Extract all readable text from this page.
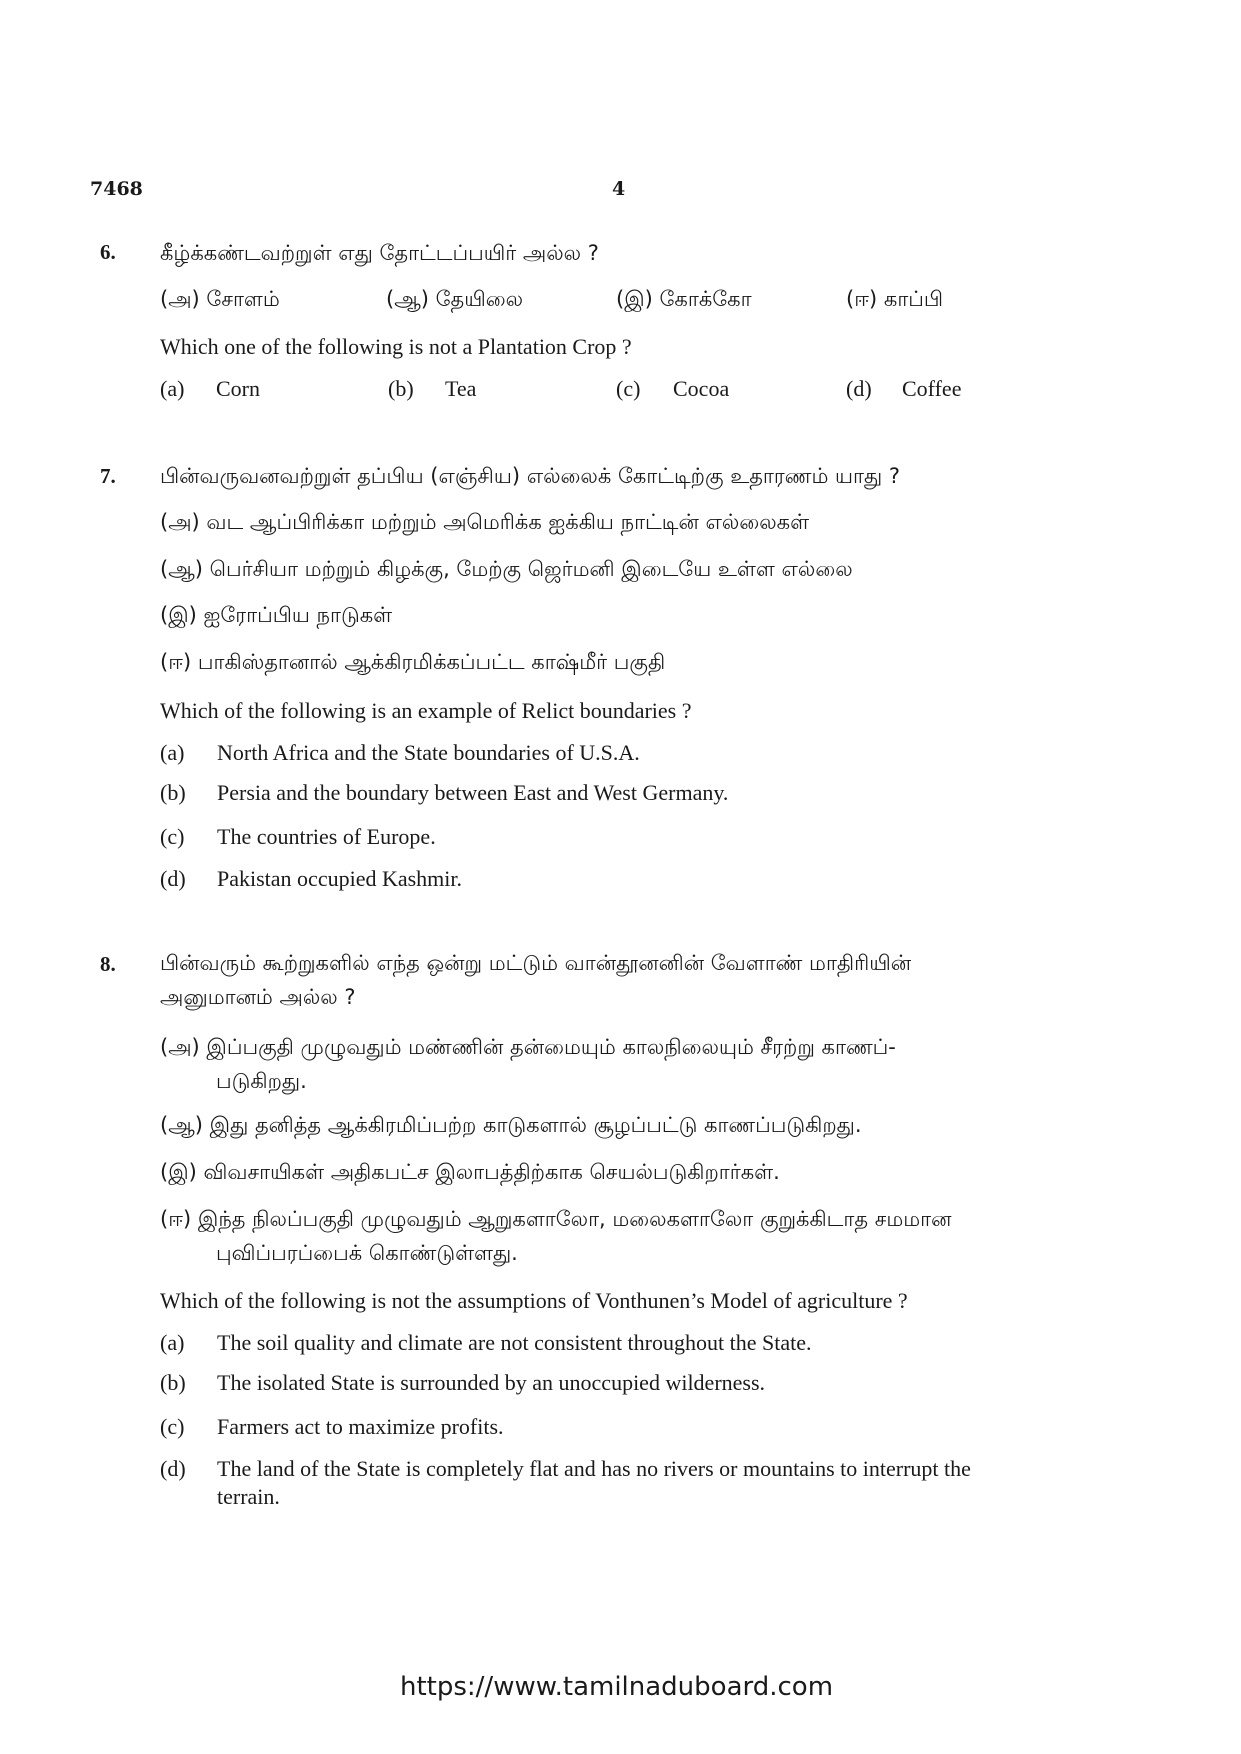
7468	4
6. கீழ்க்கண்டவற்றுள் எது தோட்டப்பயிர் அல்ல ?
(அ) சோளம்	(ஆ) தேயிலை	(இ) கோக்கோ	(ஈ) காப்பி
Which one of the following is not a Plantation Crop ?
(a) Corn	(b) Tea	(c) Cocoa	(d) Coffee
7. பின்வருவனவற்றுள் தப்பிய (எஞ்சிய) எல்லைக் கோட்டிற்கு உதாரணம் யாது ?
(அ) வட ஆப்பிரிக்கா மற்றும் அமெரிக்க ஐக்கிய நாட்டின் எல்லைகள்
(ஆ) பெர்சியா மற்றும் கிழக்கு, மேற்கு ஜெர்மனி இடையே உள்ள எல்லை
(இ) ஐரோப்பிய நாடுகள்
(ஈ) பாகிஸ்தானால் ஆக்கிரமிக்கப்பட்ட காஷ்மீர் பகுதி
Which of the following is an example of Relict boundaries ?
(a) North Africa and the State boundaries of U.S.A.
(b) Persia and the boundary between East and West Germany.
(c) The countries of Europe.
(d) Pakistan occupied Kashmir.
8. பின்வரும் கூற்றுகளில் எந்த ஒன்று மட்டும் வான்தூனனின் வேளாண் மாதிரியின்
அனுமானம் அல்ல ?
(அ) இப்பகுதி முழுவதும் மண்ணின் தன்மையும் காலநிலையும் சீரற்று காணப்-
படுகிறது.
(ஆ) இது தனித்த ஆக்கிரமிப்பற்ற காடுகளால் சூழப்பட்டு காணப்படுகிறது.
(இ) விவசாயிகள் அதிகபட்ச இலாபத்திற்காக செயல்படுகிறார்கள்.
(ஈ) இந்த நிலப்பகுதி முழுவதும் ஆறுகளாலோ, மலைகளாலோ குறுக்கிடாத சமமான
புவிப்பரப்பைக் கொண்டுள்ளது.
Which of the following is not the assumptions of Vonthunen’s Model of agriculture ?
(a) The soil quality and climate are not consistent throughout the State.
(b) The isolated State is surrounded by an unoccupied wilderness.
(c) Farmers act to maximize profits.
(d) The land of the State is completely flat and has no rivers or mountains to interrupt the
terrain.
https://www.tamilnaduboard.com
